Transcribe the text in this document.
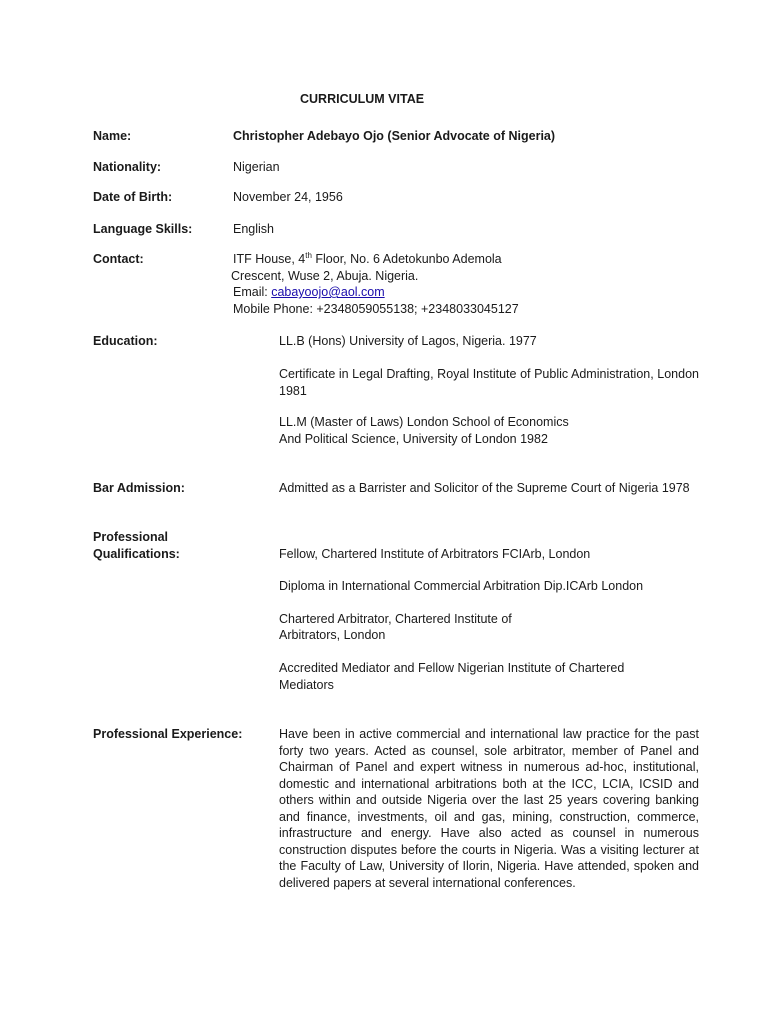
CURRICULUM VITAE
Name:	Christopher Adebayo Ojo (Senior Advocate of Nigeria)
Nationality:	Nigerian
Date of Birth:	November 24, 1956
Language Skills:	English
Contact:	ITF House, 4th Floor, No. 6 Adetokunbo Ademola

Crescent, Wuse 2, Abuja. Nigeria.

Email: cabayoojo@aol.com

Mobile Phone: +2348059055138; +2348033045127

Education:	LL.B (Hons) University of Lagos, Nigeria. 1977
Certificate in Legal Drafting, Royal Institute of Public Administration, London 1981
LL.M (Master of Laws) London School of Economics
And Political Science, University of London 1982
Bar Admission:	Admitted as a Barrister and Solicitor of the Supreme Court of Nigeria 1978
Professional
Qualifications:	Fellow, Chartered Institute of Arbitrators FCIArb, London
Diploma in International Commercial Arbitration Dip.ICArb London
Chartered Arbitrator, Chartered Institute of
Arbitrators, London
Accredited Mediator and Fellow Nigerian Institute of Chartered
Mediators
Professional Experience:	Have been in active commercial and international law practice for the past forty two years. Acted as counsel, sole arbitrator, member of Panel and Chairman of Panel and expert witness in numerous ad-hoc, institutional, domestic and international arbitrations both at the ICC, LCIA, ICSID and others within and outside Nigeria over the last 25 years covering banking and finance, investments, oil and gas, mining, construction, commerce, infrastructure and energy. Have also acted as counsel in numerous construction disputes before the courts in Nigeria. Was a visiting lecturer at the Faculty of Law, University of Ilorin, Nigeria. Have attended, spoken and delivered papers at several international conferences.
